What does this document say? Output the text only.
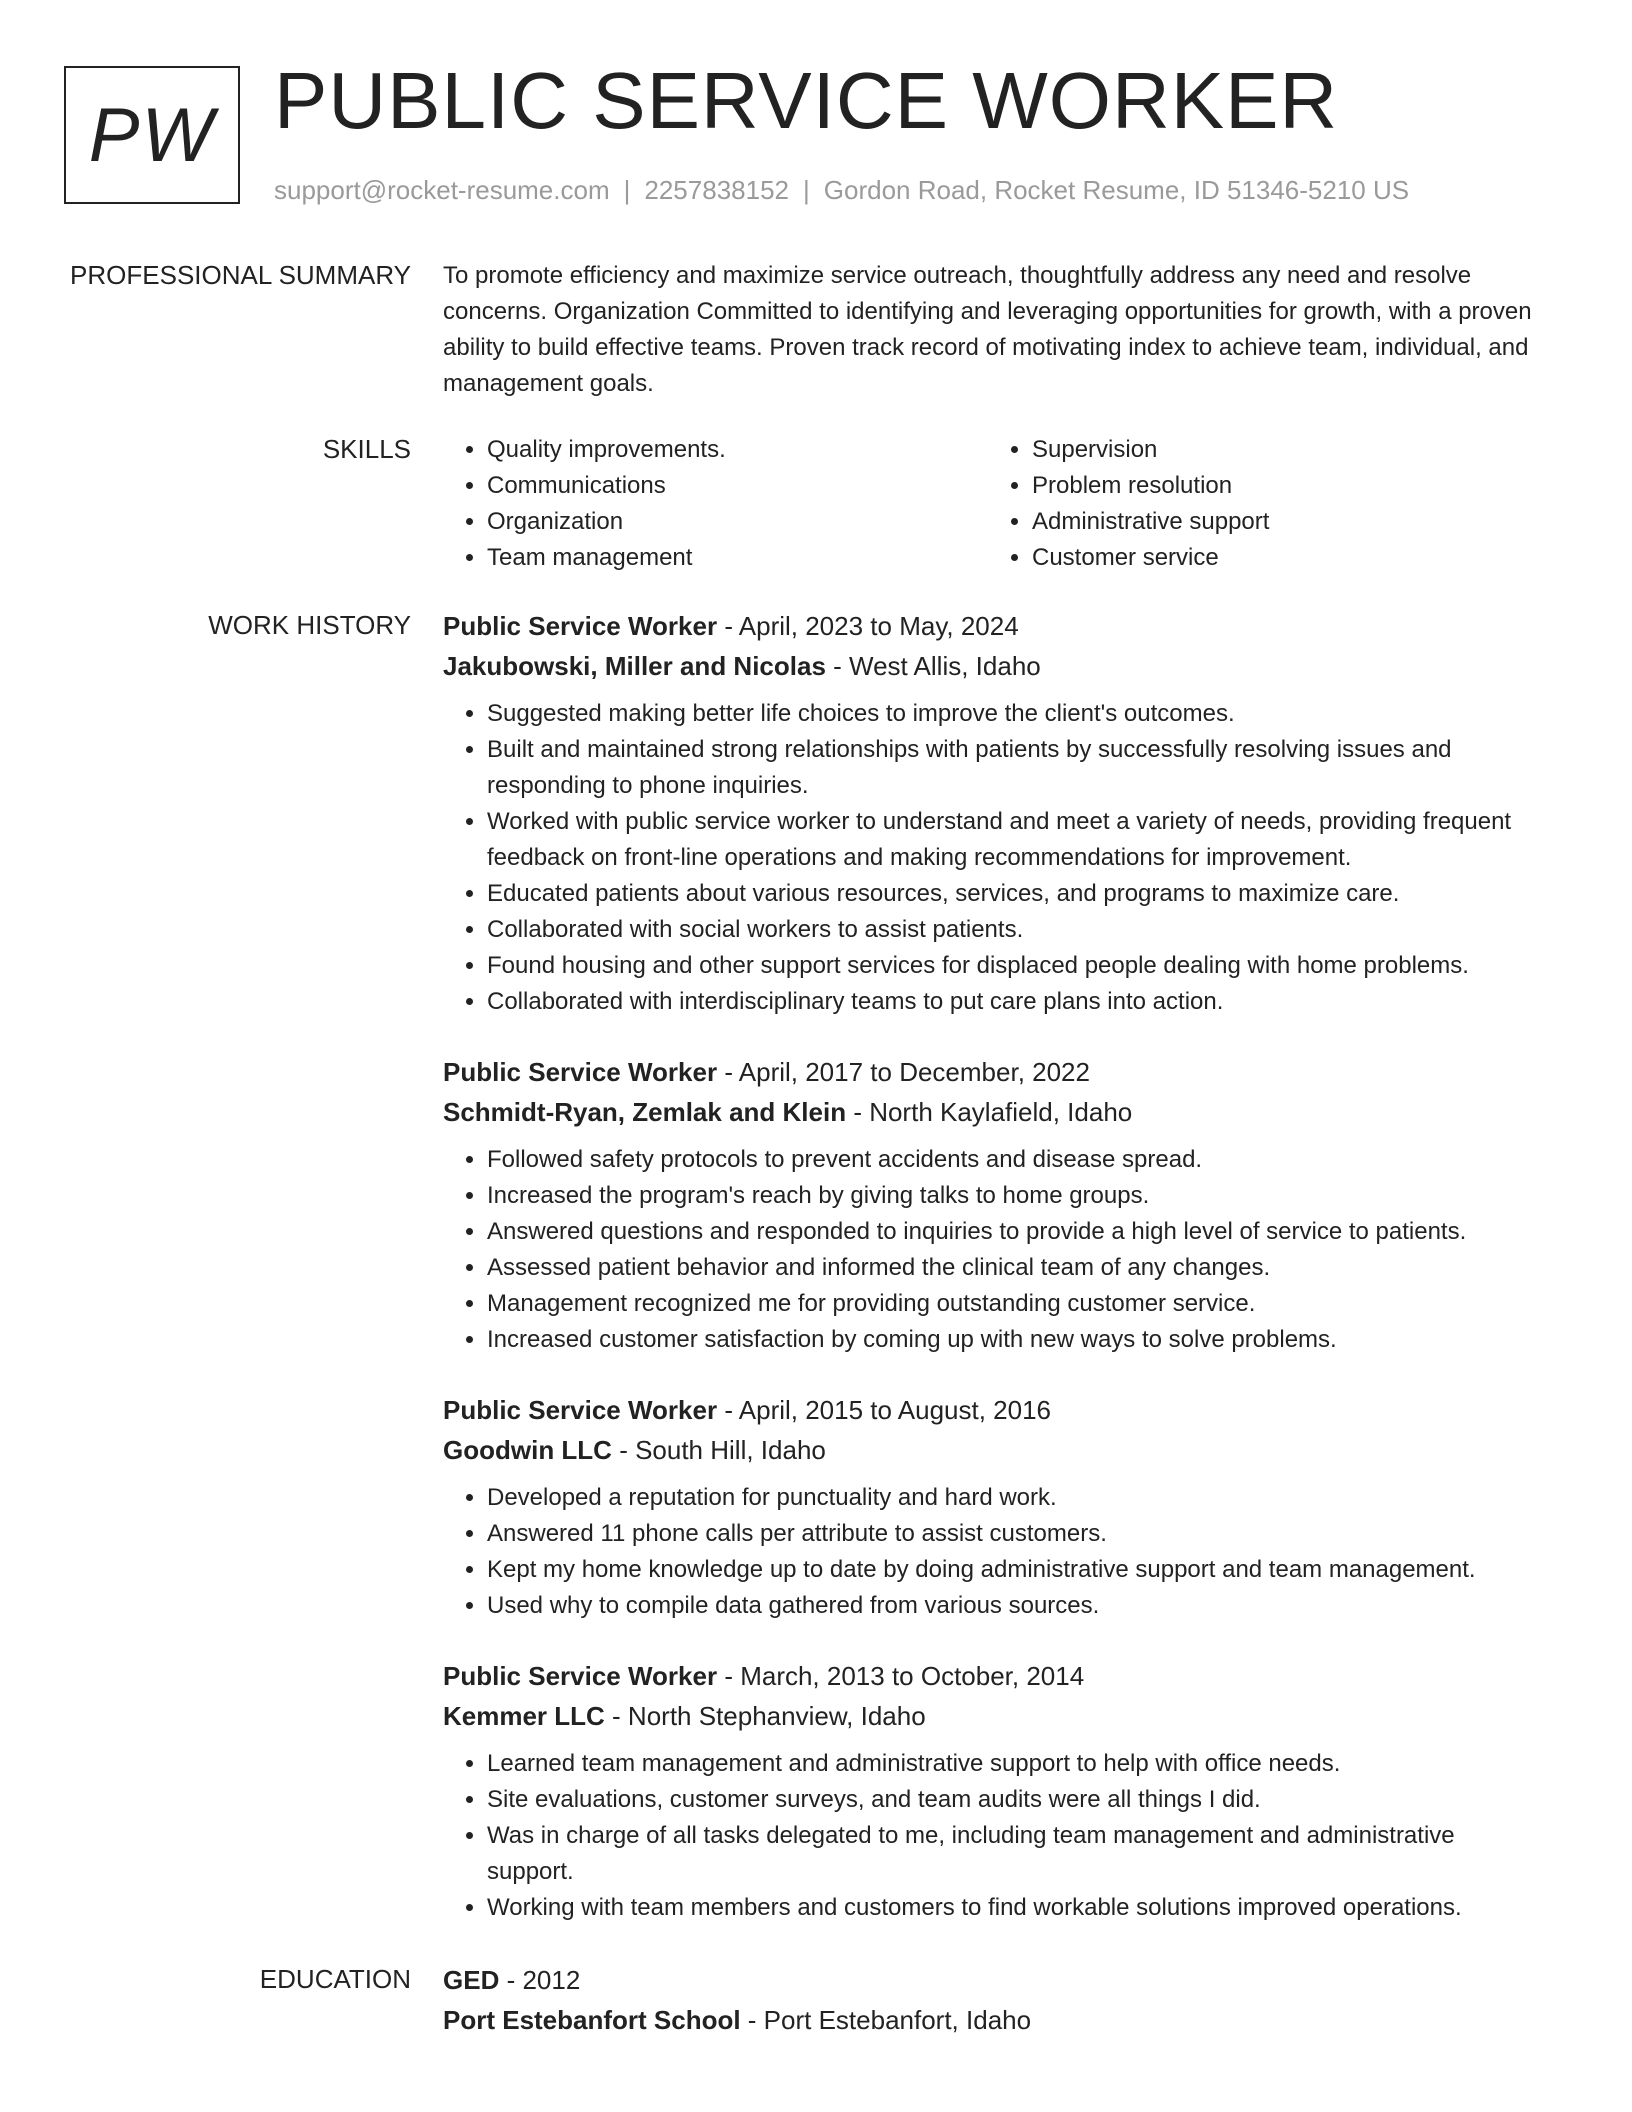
PW PUBLIC SERVICE WORKER
support@rocket-resume.com | 2257838152 | Gordon Road, Rocket Resume, ID 51346-5210 US
PROFESSIONAL SUMMARY To promote efficiency and maximize service outreach, thoughtfully address any need and resolve concerns. Organization Committed to identifying and leveraging opportunities for growth, with a proven ability to build effective teams. Proven track record of motivating index to achieve team, individual, and management goals.

SKILLS
•	Quality improvements.
• Communications
• Organization
• Team management
• Supervision
• Problem resolution
• Administrative support
• Customer service
WORK HISTORY Public Service Worker - April, 2023 to May, 2024
Jakubowski, Miller and Nicolas - West Allis, Idaho
• Suggested making better life choices to improve the client's outcomes.
• Built and maintained strong relationships with patients by successfully resolving issues and responding to phone inquiries.
• Worked with public service worker to understand and meet a variety of needs, providing frequent feedback on front-line operations and making recommendations for improvement.
• Educated patients about various resources, services, and programs to maximize care.
• Collaborated with social workers to assist patients.
• Found housing and other support services for displaced people dealing with home problems.
• Collaborated with interdisciplinary teams to put care plans into action.
Public Service Worker - April, 2017 to December, 2022
Schmidt-Ryan, Zemlak and Klein - North Kaylafield, Idaho
• Followed safety protocols to prevent accidents and disease spread.
• Increased the program's reach by giving talks to home groups.
• Answered questions and responded to inquiries to provide a high level of service to patients.
• Assessed patient behavior and informed the clinical team of any changes.
• Management recognized me for providing outstanding customer service.
• Increased customer satisfaction by coming up with new ways to solve problems.
Public Service Worker - April, 2015 to August, 2016
Goodwin LLC - South Hill, Idaho
• Developed a reputation for punctuality and hard work.
• Answered 11 phone calls per attribute to assist customers.
• Kept my home knowledge up to date by doing administrative support and team management.
• Used why to compile data gathered from various sources.
Public Service Worker - March, 2013 to October, 2014
Kemmer LLC - North Stephanview, Idaho
• Learned team management and administrative support to help with office needs.
• Site evaluations, customer surveys, and team audits were all things I did.
• Was in charge of all tasks delegated to me, including team management and administrative support.
• Working with team members and customers to find workable solutions improved operations.
EDUCATION GED - 2012
Port Estebanfort School - Port Estebanfort, Idaho
